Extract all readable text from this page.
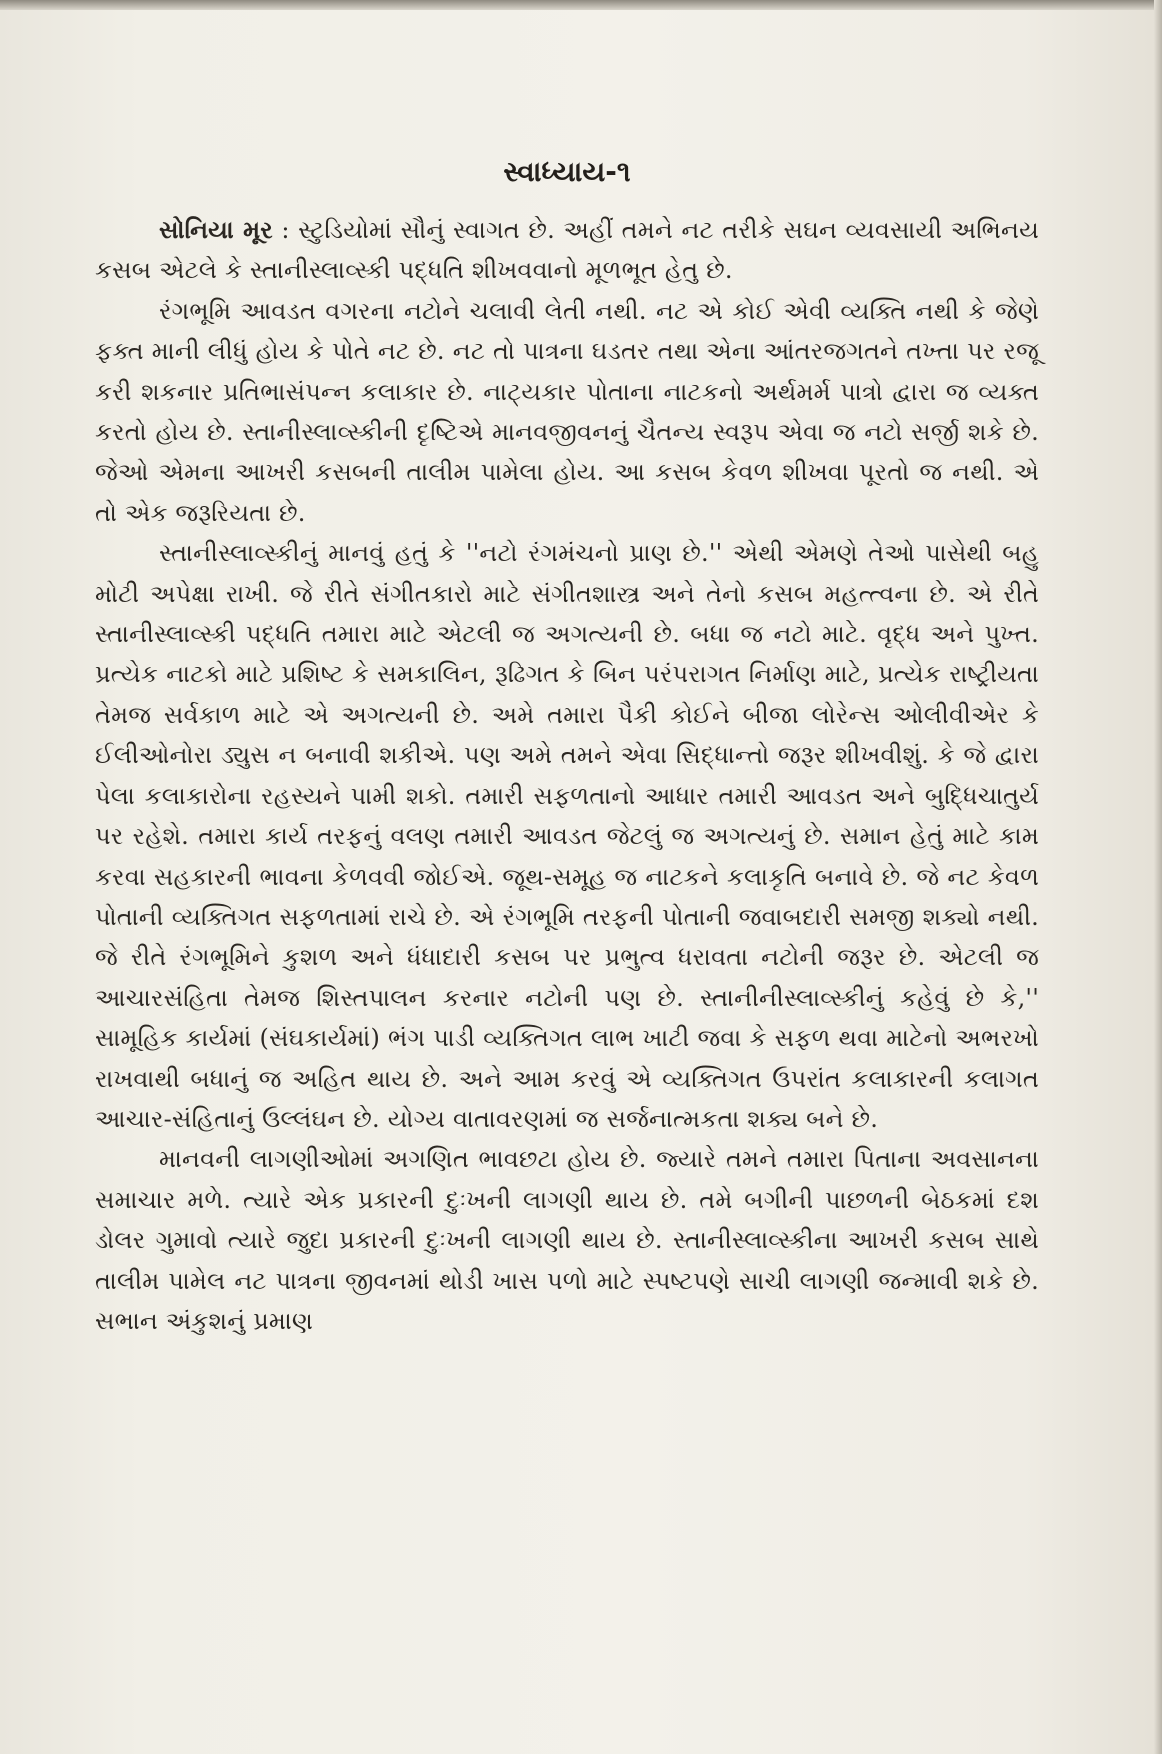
સ્વાધ્યાય-૧

સોનિયા મૂર : સ્ટુડિયોમાં સૌનું સ્વાગત છે. અહીં તમને નટ તરીકે સઘન વ્યવસાયી અભિનય કસબ એટલે કે સ્તાનીસ્લાવ્સ્કી પદ્ધતિ શીખવવાનો મૂળભૂત હેતુ છે.

રંગભૂમિ આવડત વગરના નટોને ચલાવી લેતી નથી. નટ એ કોઈ એવી વ્યક્તિ નથી કે જેણે ફક્ત માની લીધું હોય કે પોતે નટ છે. નટ તો પાત્રના ઘડતર તથા એના આંતરજગતને તખ્તા પર રજૂ કરી શકનાર પ્રતિભાસંપન્ન કલાકાર છે. નાટ્યકાર પોતાના નાટકનો અર્થમર્મ પાત્રો દ્વારા જ વ્યક્ત કરતો હોય છે. સ્તાનીસ્લાવ્સ્કીની દૃષ્ટિએ માનવજીવનનું ચૈતન્ય સ્વરૂપ એવા જ નટો સર્જી શકે છે. જેઓ એમના આખરી કસબની તાલીમ પામેલા હોય. આ કસબ કેવળ શીખવા પૂરતો જ નથી. એ તો એક જરૂરિયતા છે.

સ્તાનીસ્લાવ્સ્કીનું માનવું હતું કે ''નટો રંગમંચનો પ્રાણ છે.'' એથી એમણે તેઓ પાસેથી બહુ મોટી અપેક્ષા રાખી. જે રીતે સંગીતકારો માટે સંગીતશાસ્ત્ર અને તેનો કસબ મહત્ત્વના છે. એ રીતે સ્તાનીસ્લાવ્સ્કી પદ્ધતિ તમારા માટે એટલી જ અગત્યની છે. બધા જ નટો માટે. વૃદ્ધ અને પુખ્ત. પ્રત્યેક નાટકો માટે પ્રશિષ્ટ કે સમકાલિન, રૂઢિગત કે બિન પરંપરાગત નિર્માણ માટે, પ્રત્યેક રાષ્ટ્રીયતા તેમજ સર્વકાળ માટે એ અગત્યની છે. અમે તમારા પૈકી કોઈને બીજા લોરેન્સ ઓલીવીએર કે ઈલીઓનોરા ડ્યુસ ન બનાવી શકીએ. પણ અમે તમને એવા સિદ્ધાન્તો જરૂર શીખવીશું. કે જે દ્વારા પેલા કલાકારોના રહસ્યને પામી શકો. તમારી સફળતાનો આધાર તમારી આવડત અને બુદ્ધિચાતુર્ય પર રહેશે. તમારા કાર્ય તરફનું વલણ તમારી આવડત જેટલું જ અગત્યનું છે. સમાન હેતું માટે કામ કરવા સહકારની ભાવના કેળવવી જોઈએ. જૂથ-સમૂહ જ નાટકને કલાકૃતિ બનાવે છે. જે નટ કેવળ પોતાની વ્યક્તિગત સફળતામાં રાચે છે. એ રંગભૂમિ તરફની પોતાની જવાબદારી સમજી શક્યો નથી. જે રીતે રંગભૂમિને કુશળ અને ધંધાદારી કસબ પર પ્રભુત્વ ધરાવતા નટોની જરૂર છે. એટલી જ આચારસંહિતા તેમજ શિસ્તપાલન કરનાર નટોની પણ છે. સ્તાનીનીસ્લાવ્સ્કીનું કહેવું છે કે,'' સામૂહિક કાર્યમાં (સંઘકાર્યમાં) ભંગ પાડી વ્યક્તિગત લાભ ખાટી જવા કે સફળ થવા માટેનો અભરખો રાખવાથી બધાનું જ અહિત થાય છે. અને આમ કરવું એ વ્યક્તિગત ઉપરાંત કલાકારની કલાગત આચાર-સંહિતાનું ઉલ્લંઘન છે. યોગ્ય વાતાવરણમાં જ સર્જનાત્મકતા શક્ય બને છે.

માનવની લાગણીઓમાં અગણિત ભાવછટા હોય છે. જ્યારે તમને તમારા પિતાના અવસાનના સમાચાર મળે. ત્યારે એક પ્રકારની દુઃખની લાગણી થાય છે. તમે બગીની પાછળની બેઠકમાં દશ ડોલર ગુમાવો ત્યારે જુદા પ્રકારની દુઃખની લાગણી થાય છે. સ્તાનીસ્લાવ્સ્કીના આખરી કસબ સાથે તાલીમ પામેલ નટ પાત્રના જીવનમાં થોડી ખાસ પળો માટે સ્પષ્ટપણે સાચી લાગણી જન્માવી શકે છે. સભાન અંકુશનું પ્રમાણ
